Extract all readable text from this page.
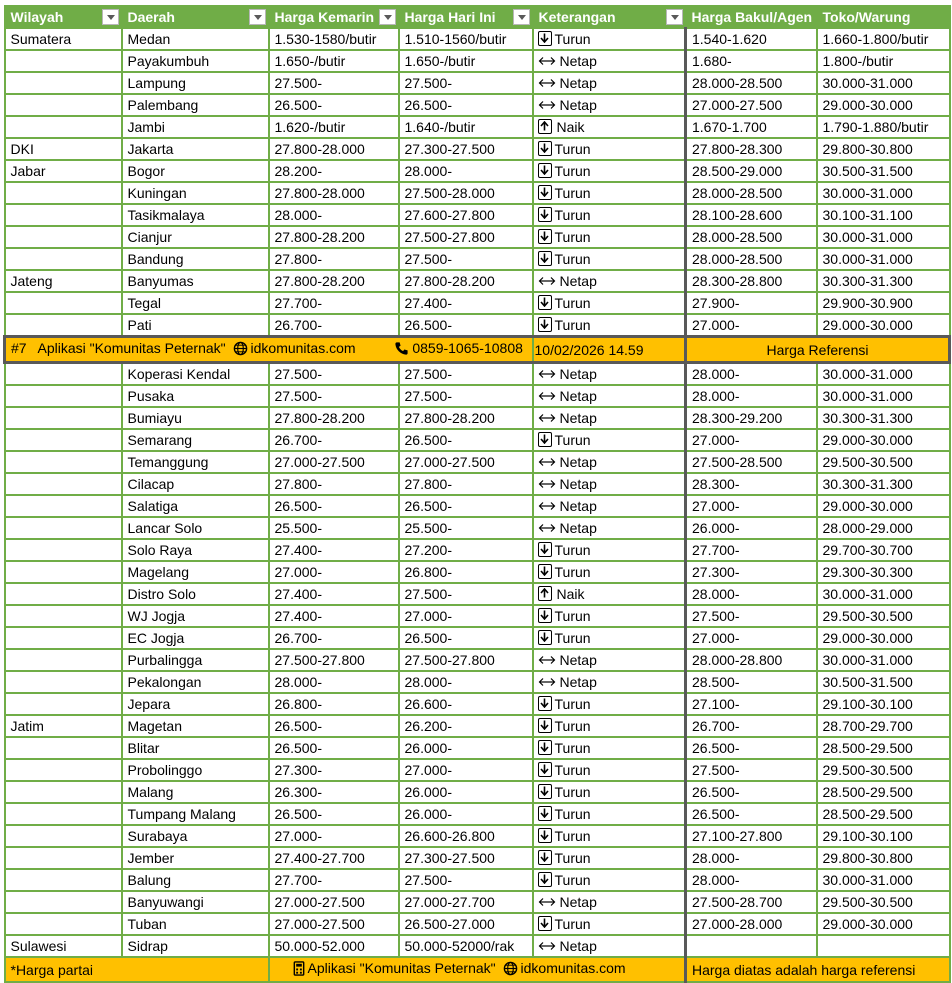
Wilayah	Daerah	Harga Kemarin	Harga Hari Ini	Keterangan	Harga Bakul/Agen	Toko/Warung
Sumatera	Medan	1.530-1580/butir	1.510-1560/butir	Turun	1.540-1.620	1.660-1.800/butir
	Payakumbuh	1.650-/butir	1.650-/butir	Netap	1.680-	1.800-/butir
	Lampung	27.500-	27.500-	Netap	28.000-28.500	30.000-31.000
	Palembang	26.500-	26.500-	Netap	27.000-27.500	29.000-30.000
	Jambi	1.620-/butir	1.640-/butir	Naik	1.670-1.700	1.790-1.880/butir
DKI	Jakarta	27.800-28.000	27.300-27.500	Turun	27.800-28.300	29.800-30.800
Jabar	Bogor	28.200-	28.000-	Turun	28.500-29.000	30.500-31.500
	Kuningan	27.800-28.000	27.500-28.000	Turun	28.000-28.500	30.000-31.000
	Tasikmalaya	28.000-	27.600-27.800	Turun	28.100-28.600	30.100-31.100
	Cianjur	27.800-28.200	27.500-27.800	Turun	28.000-28.500	30.000-31.000
	Bandung	27.800-	27.500-	Turun	28.000-28.500	30.000-31.000
Jateng	Banyumas	27.800-28.200	27.800-28.200	Netap	28.300-28.800	30.300-31.300
	Tegal	27.700-	27.400-	Turun	27.900-	29.900-30.900
	Pati	26.700-	26.500-	Turun	27.000-	29.000-30.000
#7 Aplikasi "Komunitas Peternak" idkomunitas.com 0859-1065-10808				10/02/2026 14.59	Harga Referensi	
	Koperasi Kendal	27.500-	27.500-	Netap	28.000-	30.000-31.000
	Pusaka	27.500-	27.500-	Netap	28.000-	30.000-31.000
	Bumiayu	27.800-28.200	27.800-28.200	Netap	28.300-29.200	30.300-31.300
	Semarang	26.700-	26.500-	Turun	27.000-	29.000-30.000
	Temanggung	27.000-27.500	27.000-27.500	Netap	27.500-28.500	29.500-30.500
	Cilacap	27.800-	27.800-	Netap	28.300-	30.300-31.300
	Salatiga	26.500-	26.500-	Netap	27.000-	29.000-30.000
	Lancar Solo	25.500-	25.500-	Netap	26.000-	28.000-29.000
	Solo Raya	27.400-	27.200-	Turun	27.700-	29.700-30.700
	Magelang	27.000-	26.800-	Turun	27.300-	29.300-30.300
	Distro Solo	27.400-	27.500-	Naik	28.000-	30.000-31.000
	WJ Jogja	27.400-	27.000-	Turun	27.500-	29.500-30.500
	EC Jogja	26.700-	26.500-	Turun	27.000-	29.000-30.000
	Purbalingga	27.500-27.800	27.500-27.800	Netap	28.000-28.800	30.000-31.000
	Pekalongan	28.000-	28.000-	Netap	28.500-	30.500-31.500
	Jepara	26.800-	26.600-	Turun	27.100-	29.100-30.100
Jatim	Magetan	26.500-	26.200-	Turun	26.700-	28.700-29.700
	Blitar	26.500-	26.000-	Turun	26.500-	28.500-29.500
	Probolinggo	27.300-	27.000-	Turun	27.500-	29.500-30.500
	Malang	26.300-	26.000-	Turun	26.500-	28.500-29.500
	Tumpang Malang	26.500-	26.000-	Turun	26.500-	28.500-29.500
	Surabaya	27.000-	26.600-26.800	Turun	27.100-27.800	29.100-30.100
	Jember	27.400-27.700	27.300-27.500	Turun	28.000-	29.800-30.800
	Balung	27.700-	27.500-	Turun	28.000-	30.000-31.000
	Banyuwangi	27.000-27.500	27.000-27.700	Netap	27.500-28.700	29.500-30.500
	Tuban	27.000-27.500	26.500-27.000	Turun	27.000-28.000	29.000-30.000
Sulawesi	Sidrap	50.000-52.000	50.000-52000/rak	Netap		
*Harga partai		Aplikasi "Komunitas Peternak" idkomunitas.com			Harga diatas adalah harga referensi	
